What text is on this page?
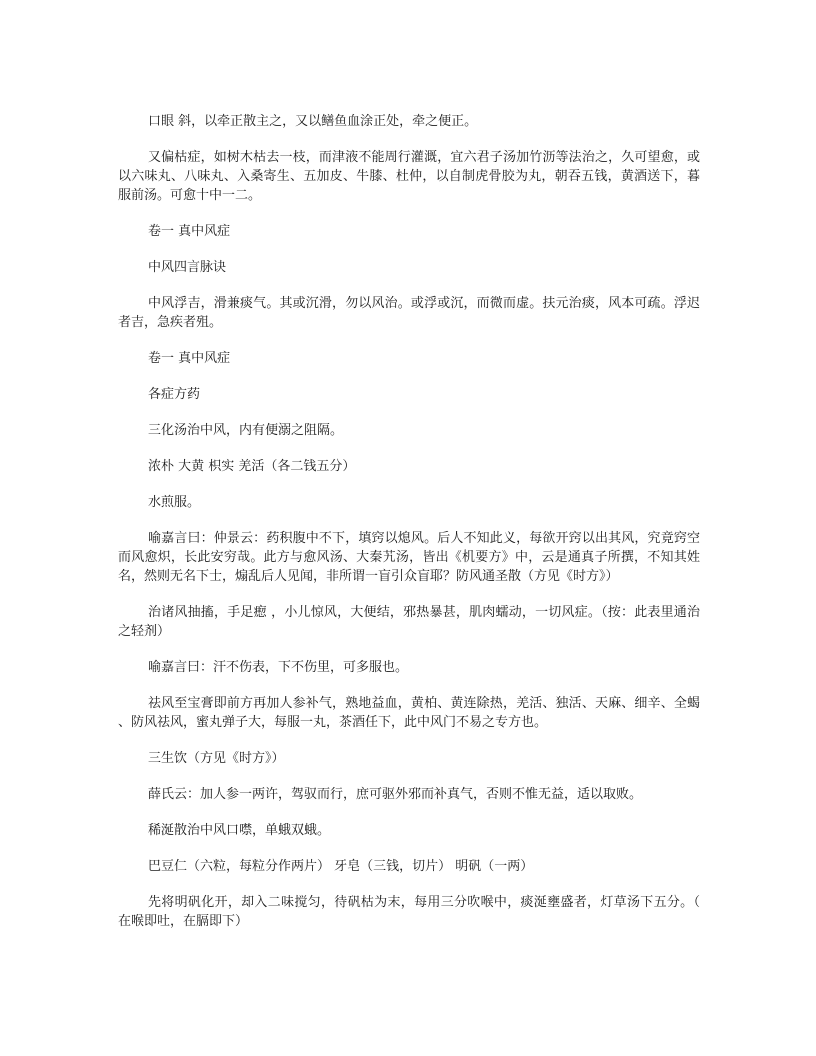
口眼 斜，以牵正散主之，又以鳝鱼血涂正处，牵之便正。

又偏枯症，如树木枯去一枝，而津液不能周行灌溉，宜六君子汤加竹沥等法治之，久可望愈，或以六味丸、八味丸、入桑寄生、五加皮、牛膝、杜仲，以自制虎骨胶为丸，朝吞五钱，黄酒送下，暮服前汤。可愈十中一二。

卷一 真中风症

中风四言脉诀

中风浮吉，滑兼痰气。其或沉滑，勿以风治。或浮或沉，而微而虚。扶元治痰，风本可疏。浮迟者吉，急疾者殂。

卷一 真中风症

各症方药

三化汤治中风，内有便溺之阻隔。

浓朴 大黄 枳实 羌活（各二钱五分）

水煎服。

喻嘉言曰：仲景云：药积腹中不下，填窍以熄风。后人不知此义，每欲开窍以出其风，究竟窍空而风愈炽，长此安穷哉。此方与愈风汤、大秦艽汤，皆出《机要方》中，云是通真子所撰，不知其姓名，然则无名下士，煽乱后人见闻，非所谓一盲引众盲耶？防风通圣散（方见《时方》）

治诸风抽搐，手足瘛 ，小儿惊风，大便结，邪热暴甚，肌肉蠕动，一切风症。（按：此表里通治之轻剂）

喻嘉言曰：汗不伤表，下不伤里，可多服也。

祛风至宝膏即前方再加人参补气，熟地益血，黄柏、黄连除热，羌活、独活、天麻、细辛、全蝎、防风祛风，蜜丸弹子大，每服一丸，茶酒任下，此中风门不易之专方也。

三生饮（方见《时方》）

薛氏云：加人参一两许，驾驭而行，庶可驱外邪而补真气，否则不惟无益，适以取败。

稀涎散治中风口噤，单蛾双蛾。

巴豆仁（六粒，每粒分作两片） 牙皂（三钱，切片） 明矾（一两）

先将明矾化开，却入二味搅匀，待矾枯为末，每用三分吹喉中，痰涎壅盛者，灯草汤下五分。（在喉即吐，在膈即下）
